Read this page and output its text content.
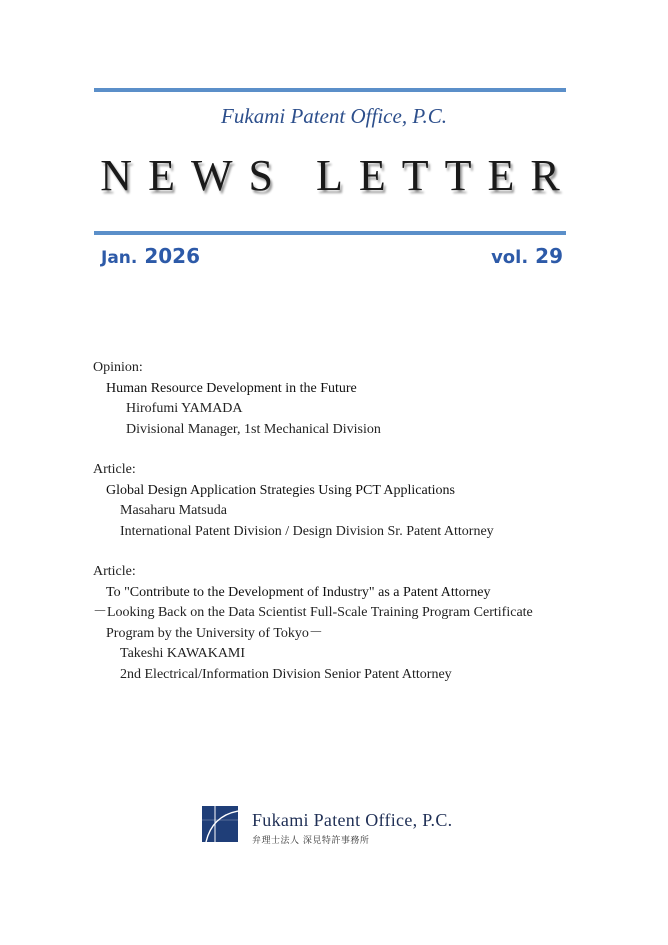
Fukami Patent Office, P.C.
NEWS LETTER
Jan. 2026	vol. 29
Opinion:
Human Resource Development in the Future
Hirofumi YAMADA
Divisional Manager, 1st Mechanical Division
Article:
Global Design Application Strategies Using PCT Applications
Masaharu Matsuda
International Patent Division / Design Division Sr. Patent Attorney
Article:
To "Contribute to the Development of Industry" as a Patent Attorney
－Looking Back on the Data Scientist Full-Scale Training Program Certificate
Program by the University of Tokyo－
Takeshi KAWAKAMI
2nd Electrical/Information Division Senior Patent Attorney
Fukami Patent Office, P.C.
弁理士法人 深見特許事務所
